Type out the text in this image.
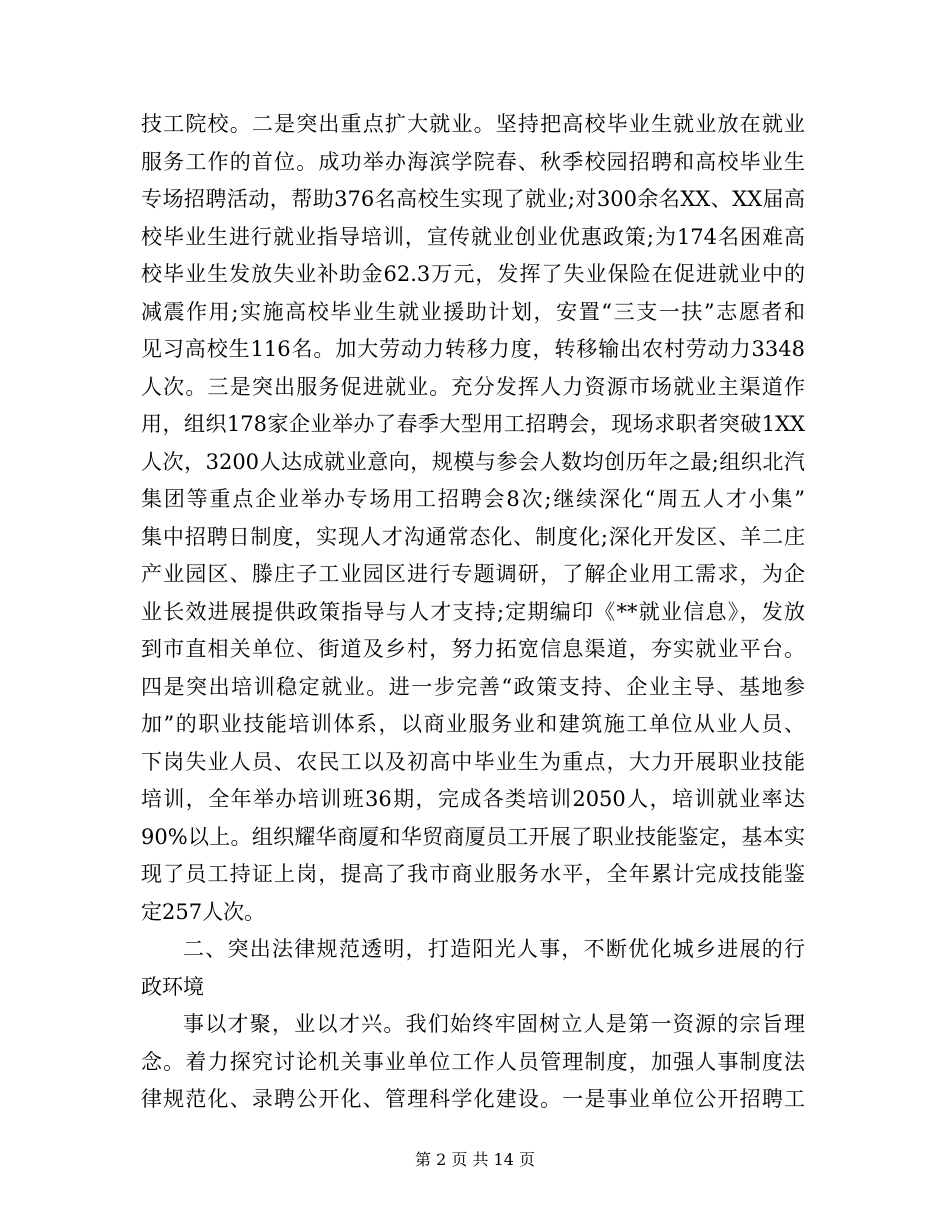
技工院校。二是突出重点扩大就业。坚持把高校毕业生就业放在就业
服务工作的首位。成功举办海滨学院春、秋季校园招聘和高校毕业生
专场招聘活动，帮助376名高校生实现了就业;对300余名XX、XX届高
校毕业生进行就业指导培训，宣传就业创业优惠政策;为174名困难高
校毕业生发放失业补助金62.3万元，发挥了失业保险在促进就业中的
减震作用;实施高校毕业生就业援助计划，安置“三支一扶”志愿者和
见习高校生116名。加大劳动力转移力度，转移输出农村劳动力3348
人次。三是突出服务促进就业。充分发挥人力资源市场就业主渠道作
用，组织178家企业举办了春季大型用工招聘会，现场求职者突破1XX
人次，3200人达成就业意向，规模与参会人数均创历年之最;组织北汽
集团等重点企业举办专场用工招聘会8次;继续深化“周五人才小集”
集中招聘日制度，实现人才沟通常态化、制度化;深化开发区、羊二庄
产业园区、滕庄子工业园区进行专题调研，了解企业用工需求，为企
业长效进展提供政策指导与人才支持;定期编印《**就业信息》，发放
到市直相关单位、街道及乡村，努力拓宽信息渠道，夯实就业平台。
四是突出培训稳定就业。进一步完善“政策支持、企业主导、基地参
加”的职业技能培训体系，以商业服务业和建筑施工单位从业人员、
下岗失业人员、农民工以及初高中毕业生为重点，大力开展职业技能
培训，全年举办培训班36期，完成各类培训2050人，培训就业率达
90%以上。组织耀华商厦和华贸商厦员工开展了职业技能鉴定，基本实
现了员工持证上岗，提高了我市商业服务水平，全年累计完成技能鉴
定257人次。
二、突出法律规范透明，打造阳光人事，不断优化城乡进展的行
政环境
事以才聚，业以才兴。我们始终牢固树立人是第一资源的宗旨理
念。着力探究讨论机关事业单位工作人员管理制度，加强人事制度法
律规范化、录聘公开化、管理科学化建设。一是事业单位公开招聘工
第 2 页 共 14 页
